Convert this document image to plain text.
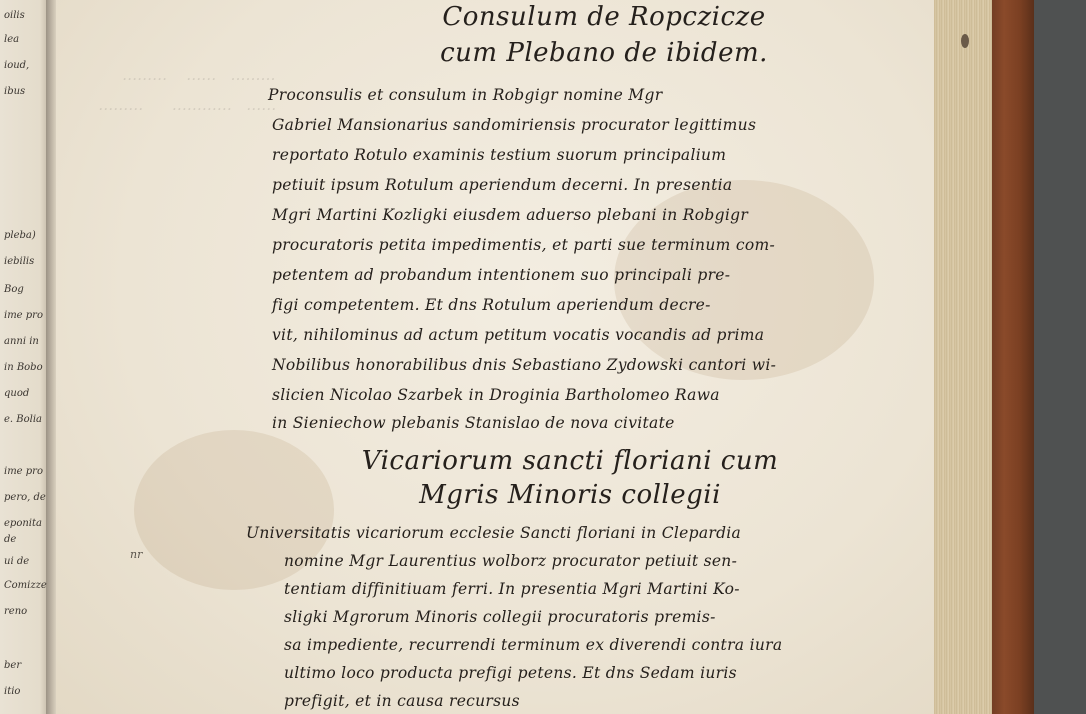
………    ……   ………
………      …………   ……
Consulum de Ropczicze
cum Plebano de ibidem.
Proconsulis et consulum in Robgigr nomine Mgr
Gabriel Mansionarius sandomiriensis procurator legittimus
reportato Rotulo examinis testium suorum principalium
petiuit ipsum Rotulum aperiendum decerni. In presentia
Mgri Martini Kozligki eiusdem aduerso plebani in Robgigr
procuratoris petita impedimentis, et parti sue terminum com-
petentem ad probandum intentionem suo principali pre-
figi competentem. Et dns Rotulum aperiendum decre-
vit, nihilominus ad actum petitum vocatis vocandis ad prima
Nobilibus honorabilibus dnis Sebastiano Zydowski cantori wi-
slicien Nicolao Szarbek in Droginia Bartholomeo Rawa
in Sieniechow plebanis Stanislao de nova civitate
Vicariorum sancti floriani cum
Mgris Minoris collegii
nr
Universitatis vicariorum ecclesie Sancti floriani in Clepardia
nomine Mgr Laurentius wolborz procurator petiuit sen-
tentiam diffinitiuam ferri. In presentia Mgri Martini Ko-
sligki Mgrorum Minoris collegii procuratoris premis-
sa impediente, recurrendi terminum ex diverendi contra iura
ultimo loco producta prefigi petens. Et dns Sedam iuris
prefigit, et in causa recursus
oilis
lea
ioud,
ibus
pleba)
iebilis
Bog
ime pro
anni in
in Bobo
quod
e. Bolia
ime pro
pero, de
eponita
de
ui de
Comizze
reno
ber
itio
